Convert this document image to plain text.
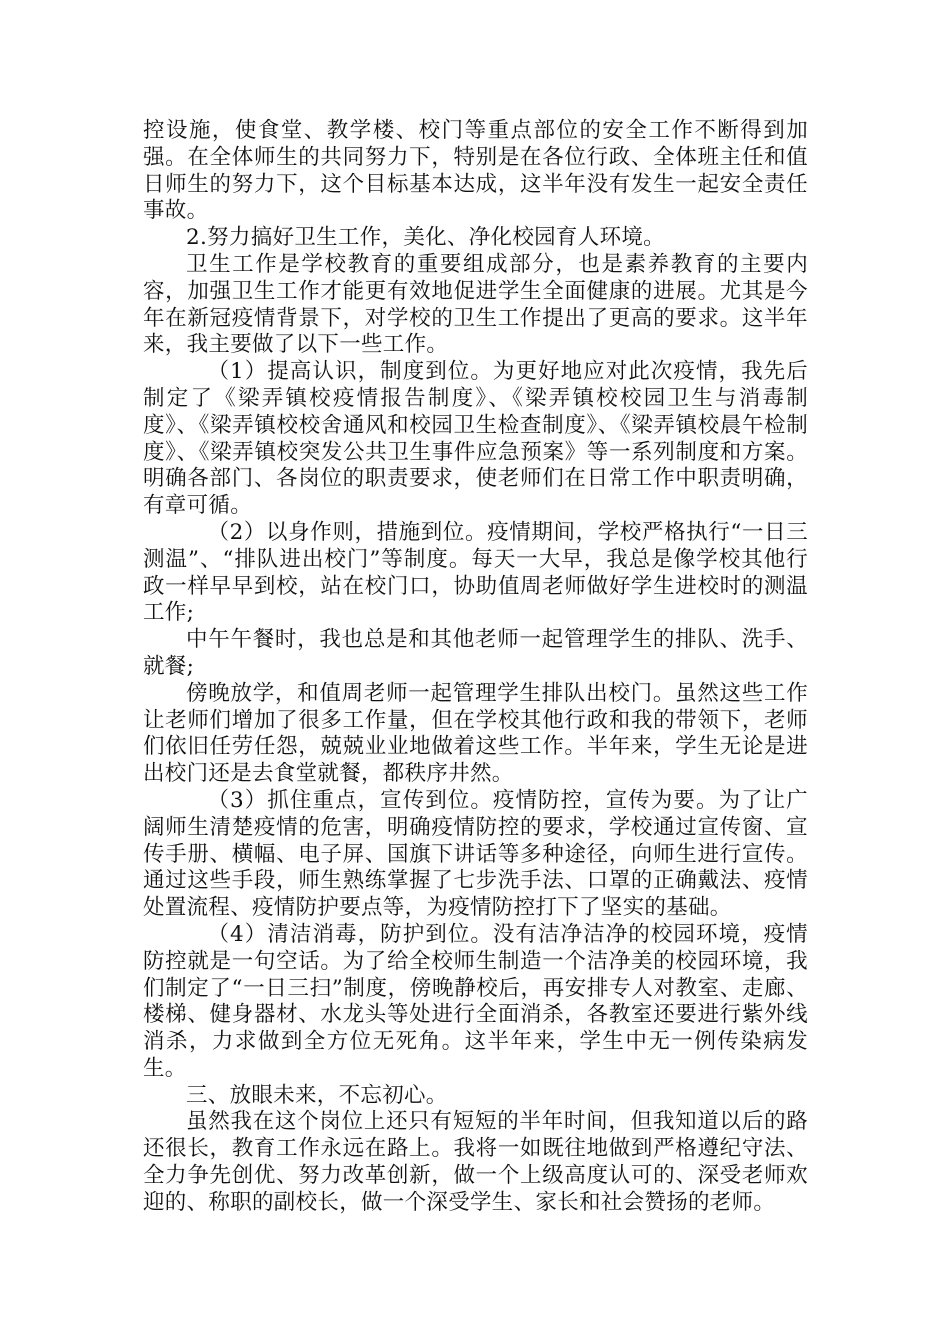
控设施，使食堂、教学楼、校门等重点部位的安全工作不断得到加强。在全体师生的共同努力下，特别是在各位行政、全体班主任和值日师生的努力下，这个目标基本达成，这半年没有发生一起安全责任事故。

2.努力搞好卫生工作，美化、净化校园育人环境。

卫生工作是学校教育的重要组成部分，也是素养教育的主要内容，加强卫生工作才能更有效地促进学生全面健康的进展。尤其是今年在新冠疫情背景下，对学校的卫生工作提出了更高的要求。这半年来，我主要做了以下一些工作。

（1）提高认识，制度到位。为更好地应对此次疫情，我先后制定了《梁弄镇校疫情报告制度》、《梁弄镇校校园卫生与消毒制度》、《梁弄镇校校舍通风和校园卫生检查制度》、《梁弄镇校晨午检制度》、《梁弄镇校突发公共卫生事件应急预案》等一系列制度和方案。明确各部门、各岗位的职责要求，使老师们在日常工作中职责明确，有章可循。

（2）以身作则，措施到位。疫情期间，学校严格执行“一日三测温”、“排队进出校门”等制度。每天一大早，我总是像学校其他行政一样早早到校，站在校门口，协助值周老师做好学生进校时的测温工作;

中午午餐时，我也总是和其他老师一起管理学生的排队、洗手、就餐;

傍晚放学，和值周老师一起管理学生排队出校门。虽然这些工作让老师们增加了很多工作量，但在学校其他行政和我的带领下，老师们依旧任劳任怨，兢兢业业地做着这些工作。半年来，学生无论是进出校门还是去食堂就餐，都秩序井然。

（3）抓住重点，宣传到位。疫情防控，宣传为要。为了让广阔师生清楚疫情的危害，明确疫情防控的要求，学校通过宣传窗、宣传手册、横幅、电子屏、国旗下讲话等多种途径，向师生进行宣传。通过这些手段，师生熟练掌握了七步洗手法、口罩的正确戴法、疫情处置流程、疫情防护要点等，为疫情防控打下了坚实的基础。

（4）清洁消毒，防护到位。没有洁净洁净的校园环境，疫情防控就是一句空话。为了给全校师生制造一个洁净美的校园环境，我们制定了“一日三扫”制度，傍晚静校后，再安排专人对教室、走廊、楼梯、健身器材、水龙头等处进行全面消杀，各教室还要进行紫外线消杀，力求做到全方位无死角。这半年来，学生中无一例传染病发生。

三、放眼未来，不忘初心。

虽然我在这个岗位上还只有短短的半年时间，但我知道以后的路还很长，教育工作永远在路上。我将一如既往地做到严格遵纪守法、全力争先创优、努力改革创新，做一个上级高度认可的、深受老师欢迎的、称职的副校长，做一个深受学生、家长和社会赞扬的老师。
